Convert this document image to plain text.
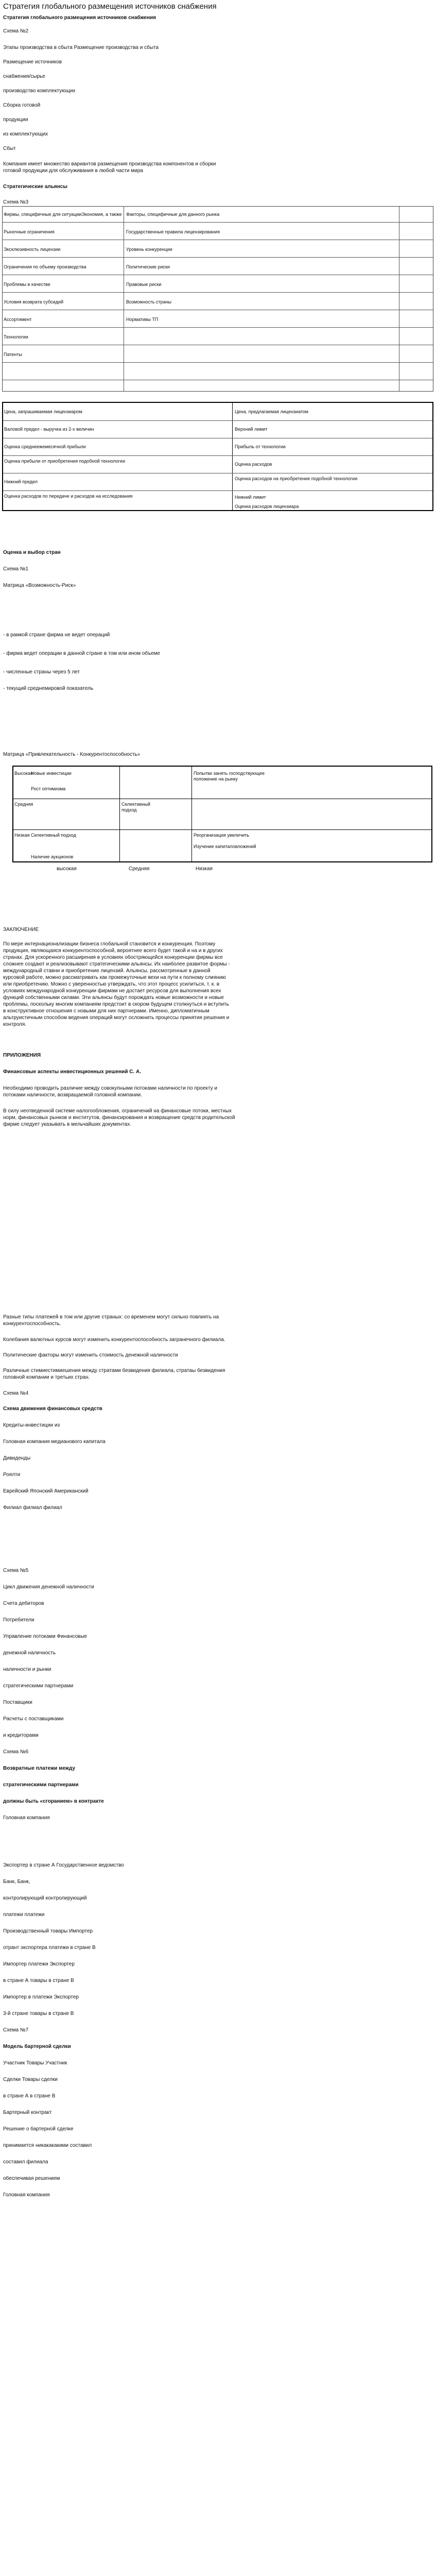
Стратегия глобального размещения источников снабжения
Стратегия глобального размещения источников снабжения
Схема №2
Этапы производства в сбыта Размещение производства и сбыта
Размещение источников
снабжения/сырье
производство комплектующих
Сборка готовой
продукции
из комплектующих
Сбыт
Компания имеет множество вариантов размещения производства компонентов и сборки
готовой продукции для обслуживания в любой части мира
Стратегические альянсы
Схема №3
Фирмы, специфичные для ситуацииЭкономия, а также
Рыночные ограничения
Эксклюзивность лицензии
Ограничения по объему производства
Проблемы в качестве
Условия возврата субсидий
Ассортимент
Технологии
Патенты
Факторы, специфичные для данного рынка
Государственные правила лицензирования
Уровень конкуренции
Политические риски
Правовые риски
Возможность страны
Нормативы ТП
Цена, запрашиваемая лицензиаром
Валовой предел - выручка из 2-х величин
Оценка среднеежемесячной прибыли
Оценка прибыли от приобретения подобной технологии
Нижний предел
Оценка расходов по передаче и расходов на исследования
Цена, предлагаемая лицензиатом
Верхний лимит
Прибыль от технологии
Оценка расходов
Оценка расходов на приобретение подобной технологии
Нижний лимит
Оценка расходов лицензиара
Оценка и выбор стран
Схема №1
Матрица «Возможность-Риск»
- в рамкой стране фирма не ведет операций
- фирма ведет операции в данной стране в том или ином объеме
- численные страны через 5 лет
- текущий среднемировой показатель
Матрица «Привлекательность - Конкурентоспособность»
Высокая
Средняя
Низкая
Новые инвестиции
Рост оптимизма
Селективный подход
Селективный подход
Наличие аукционов
Попытки занять господствующее положение на рынку
Реорганизация увеличить
Изучение капиталовложений
высокая	Средняя	Низкая
ЗАКЛЮЧЕНИЕ
По мере интернационализации бизнеса глобальной становится и конкуренция. Поэтому
продукция, являющаяся конкурентоспособной, вероятнее всего будет такой и на и в других
странах. Для ускоренного расширения в условиях обостряющейся конкуренции фирмы все
сложнее создают и реализовывают стратегическими альянсы. Их наиболее развитое формы -
международный ставни и приобретение лицензий. Альянсы, рассмотренные в данной
курсовой работе, можно рассматривать как промежуточные вехи на пути к полному слиянию
или приобретению. Можно с уверенностью утверждать, что этот процесс усилиться, т. к. в
условиях международной конкуренции фирмам не достает ресурсов для выполнения всех
функций собственными силами. Эти альянсы будут порождать новые возможности и новые
проблемы, поскольку многим компаниям предстоит в скором будущем столкнуться и вступить
в конструктивное отношения с новыми для них партнерами. Именно, дипломатичным
альтруистичным способом ведения операций могут осложнить процессы принятия решения и
контроля.
ПРИЛОЖЕНИЯ
Финансовые аспекты инвестиционных решений С. А.
Необходимо проводить различие между совокупными потоками наличности по проекту и
потоками наличности, возвращаемой головной компании.
В силу неотведенной системе налогообложения, ограничений на финансовые потоки, местных
норм, финансовых рынков и институтов, финансирования и возвращение средств родительской
фирме следует указывать в мельчайших документах.
Разные типы платежей в том или другие страных: со временем могут сильно повлиять на
конкурентоспособность.
Колебания валютных курсов могут изменить конкурентоспособность загранечного филиала.
Политические факторы могут изменить стоимость денежной наличности
Различные стимиестимиешения между стратами безвидения филиала, стратаы безвидения
головной компании и третьих стран.
Схема №4
Схема движения финансовых средств
Кредиты-инвестиции из
Головная компания медианового капитала
Дивиденды
Роялти
Еврейский Японский Американский
Филиал филиал филиал
Схема №5
Цикл движения денежной наличности
Счета дебиторов
Потребители
Управление потоками Финансовые
денежной наличность
наличности и рынки
стратегическими партнерами
Поставщики
Расчеты с поставщиками
и кредиторами
Схема №6
Возвратные платежи между
стратегическими партнерами
должны быть «сгоранием» в контракте
Головная компания
Экспортер в стране А Государственное ведомство
Банк, Банк,
контролирующий контролирующий
платежи платежи
Производственный товары Импортер
отрант экспортера платежи в стране В
Импортер платежи Экспортер
в стране А товары в стране В
Импортер в платежи Экспортер
3-й стране товары в стране В
Схема №7
Модель бартерной сделки
Участник Товары Участник
Сделки Товары сделки
в стране А в стране В
Бартерный контракт
Решение о бартерной сделке
принимается никакакакими составил
составил филиала
обеспечивая решением
Головная компания
